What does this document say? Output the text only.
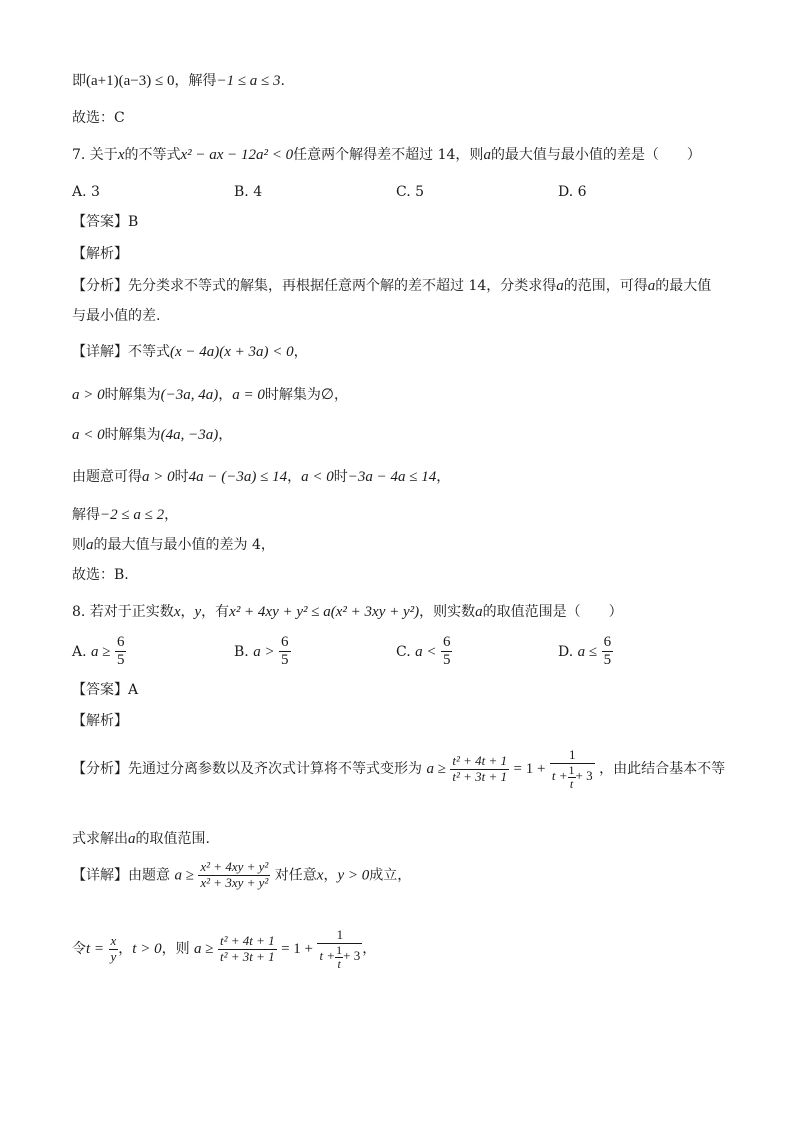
即(a+1)(a−3) ≤ 0，解得−1 ≤ a ≤ 3.
故选：C
7. 关于x的不等式x² − ax − 12a² < 0任意两个解得差不超过 14，则a的最大值与最小值的差是（　　）
A. 3	B. 4	C. 5	D. 6
【答案】B
【解析】
【分析】先分类求不等式的解集，再根据任意两个解的差不超过 14，分类求得a的范围，可得a的最大值
与最小值的差.
【详解】不等式(x − 4a)(x + 3a) < 0，
a > 0时解集为(−3a, 4a)，a = 0时解集为∅，
a < 0时解集为(4a, −3a)，
由题意可得a > 0时4a − (−3a) ≤ 14，a < 0时−3a − 4a ≤ 14，
解得−2 ≤ a ≤ 2，
则a的最大值与最小值的差为 4，
故选：B.
8. 若对于正实数x，y，有x² + 4xy + y² ≤ a(x² + 3xy + y²)，则实数a的取值范围是（　　）
A. $a \ge \frac{6}{5}$	B. $a > \frac{6}{5}$	C. $a < \frac{6}{5}$	D. $a \le \frac{6}{5}$
【答案】A
【解析】
【分析】先通过分离参数以及齐次式计算将不等式变形为 $a \ge \frac{\text{t² + 4t + 1}}{\text{t² + 3t + 1}} = 1 + \frac{1}{t + \frac{1}{t} + 3}$ ，由此结合基本不等
式求解出a的取值范围.
【详解】由题意 $a \ge \frac{\text{x² + 4xy + y²}}{\text{x² + 3xy + y²}}$ 对任意x，y > 0成立，
令$t = \frac{x}{y}$ ，t > 0，则 $a \ge \frac{\text{t² + 4t + 1}}{\text{t² + 3t + 1}} = 1 + \frac{1}{t + \frac{1}{t} + 3}$ ，
